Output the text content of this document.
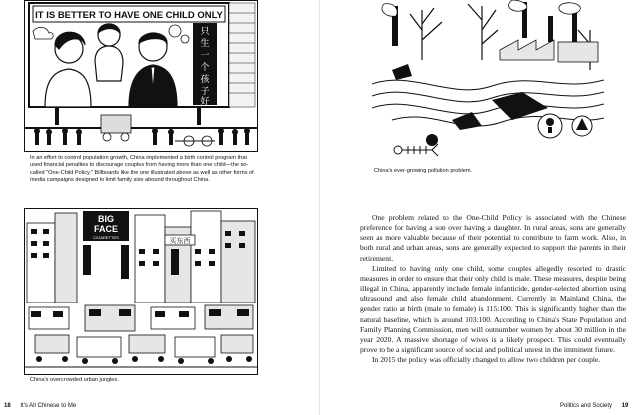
IT IS BETTER TO HAVE ONE CHILD ONLY
只
生
一
个
孩
子
好
In an effort to control population growth, China implemented a birth control program that used financial penalties to discourage couples from having more than one child—the so-called "One-Child Policy." Billboards like the one illustrated above as well as other forms of media campaigns designed to limit family size abound throughout China.
BIG
FACE
CIGARETTES	买东西
China's overcrowded urban jungles.
China's ever-growing pollution problem.

One problem related to the One-Child Policy is associated with the Chinese preference for having a son over having a daughter. In rural areas, sons are generally seen as more valuable because of their potential to contribute to farm work. Also, in both rural and urban areas, sons are generally expected to support the parents in their retirement.

Limited to having only one child, some couples allegedly resorted to drastic measures in order to ensure that their only child is male. These measures, despite being illegal in China, apparently include female infanticide, gender-selected abortion using ultrasound and also female child abandonment. Currently in Mainland China, the gender ratio at birth (male to female) is 115:100. This is significantly higher than the natural baseline, which is around 103:100. According to China's State Population and Family Planning Commission, men will outnumber women by about 30 million in the year 2020. A massive shortage of wives is a likely prospect. This could eventually prove to be a significant source of social and political unrest in the imminent future.

In 2015 the policy was officially changed to allow two children per couple.

18 It's All Chinese to Me	Politics and Society 19
